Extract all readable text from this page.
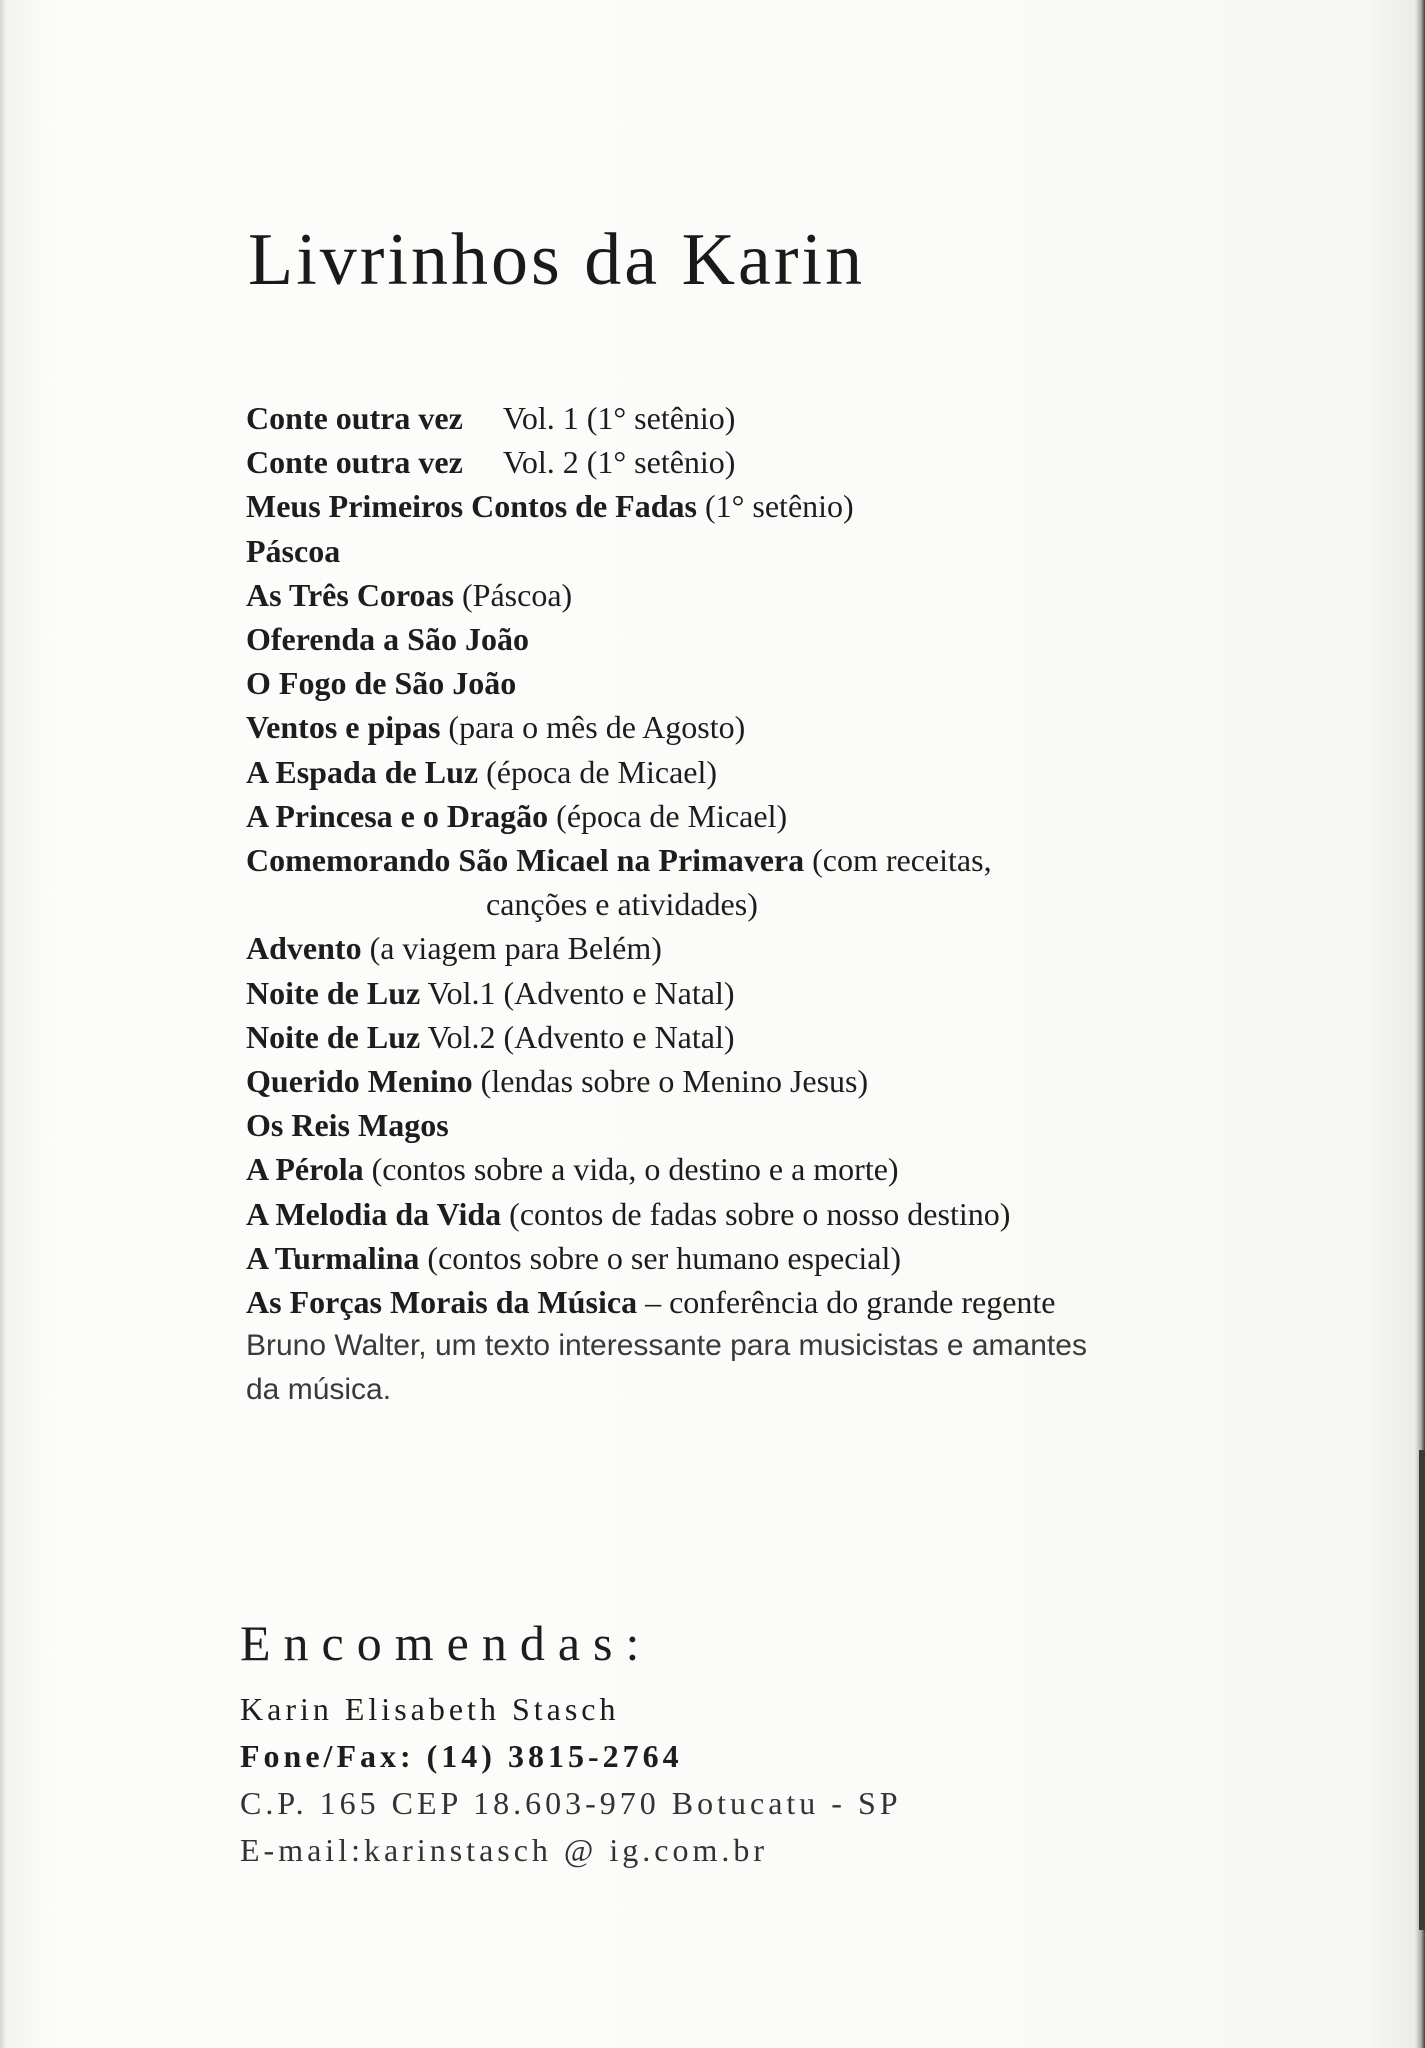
Livrinhos da Karin
Conte outra vez Vol. 1 (1° setênio)
Conte outra vez Vol. 2 (1° setênio)
Meus Primeiros Contos de Fadas (1° setênio)
Páscoa
As Três Coroas (Páscoa)
Oferenda a São João
O Fogo de São João
Ventos e pipas (para o mês de Agosto)
A Espada de Luz (época de Micael)
A Princesa e o Dragão (época de Micael)
Comemorando São Micael na Primavera (com receitas,
canções e atividades)
Advento (a viagem para Belém)
Noite de Luz Vol.1 (Advento e Natal)
Noite de Luz Vol.2 (Advento e Natal)
Querido Menino (lendas sobre o Menino Jesus)
Os Reis Magos
A Pérola (contos sobre a vida, o destino e a morte)
A Melodia da Vida (contos de fadas sobre o nosso destino)
A Turmalina (contos sobre o ser humano especial)
As Forças Morais da Música – conferência do grande regente
Bruno Walter, um texto interessante para musicistas e amantes
da música.
Encomendas:
Karin Elisabeth Stasch
Fone/Fax: (14) 3815-2764
C.P. 165 CEP 18.603-970 Botucatu - SP
E-mail:karinstasch @ ig.com.br
